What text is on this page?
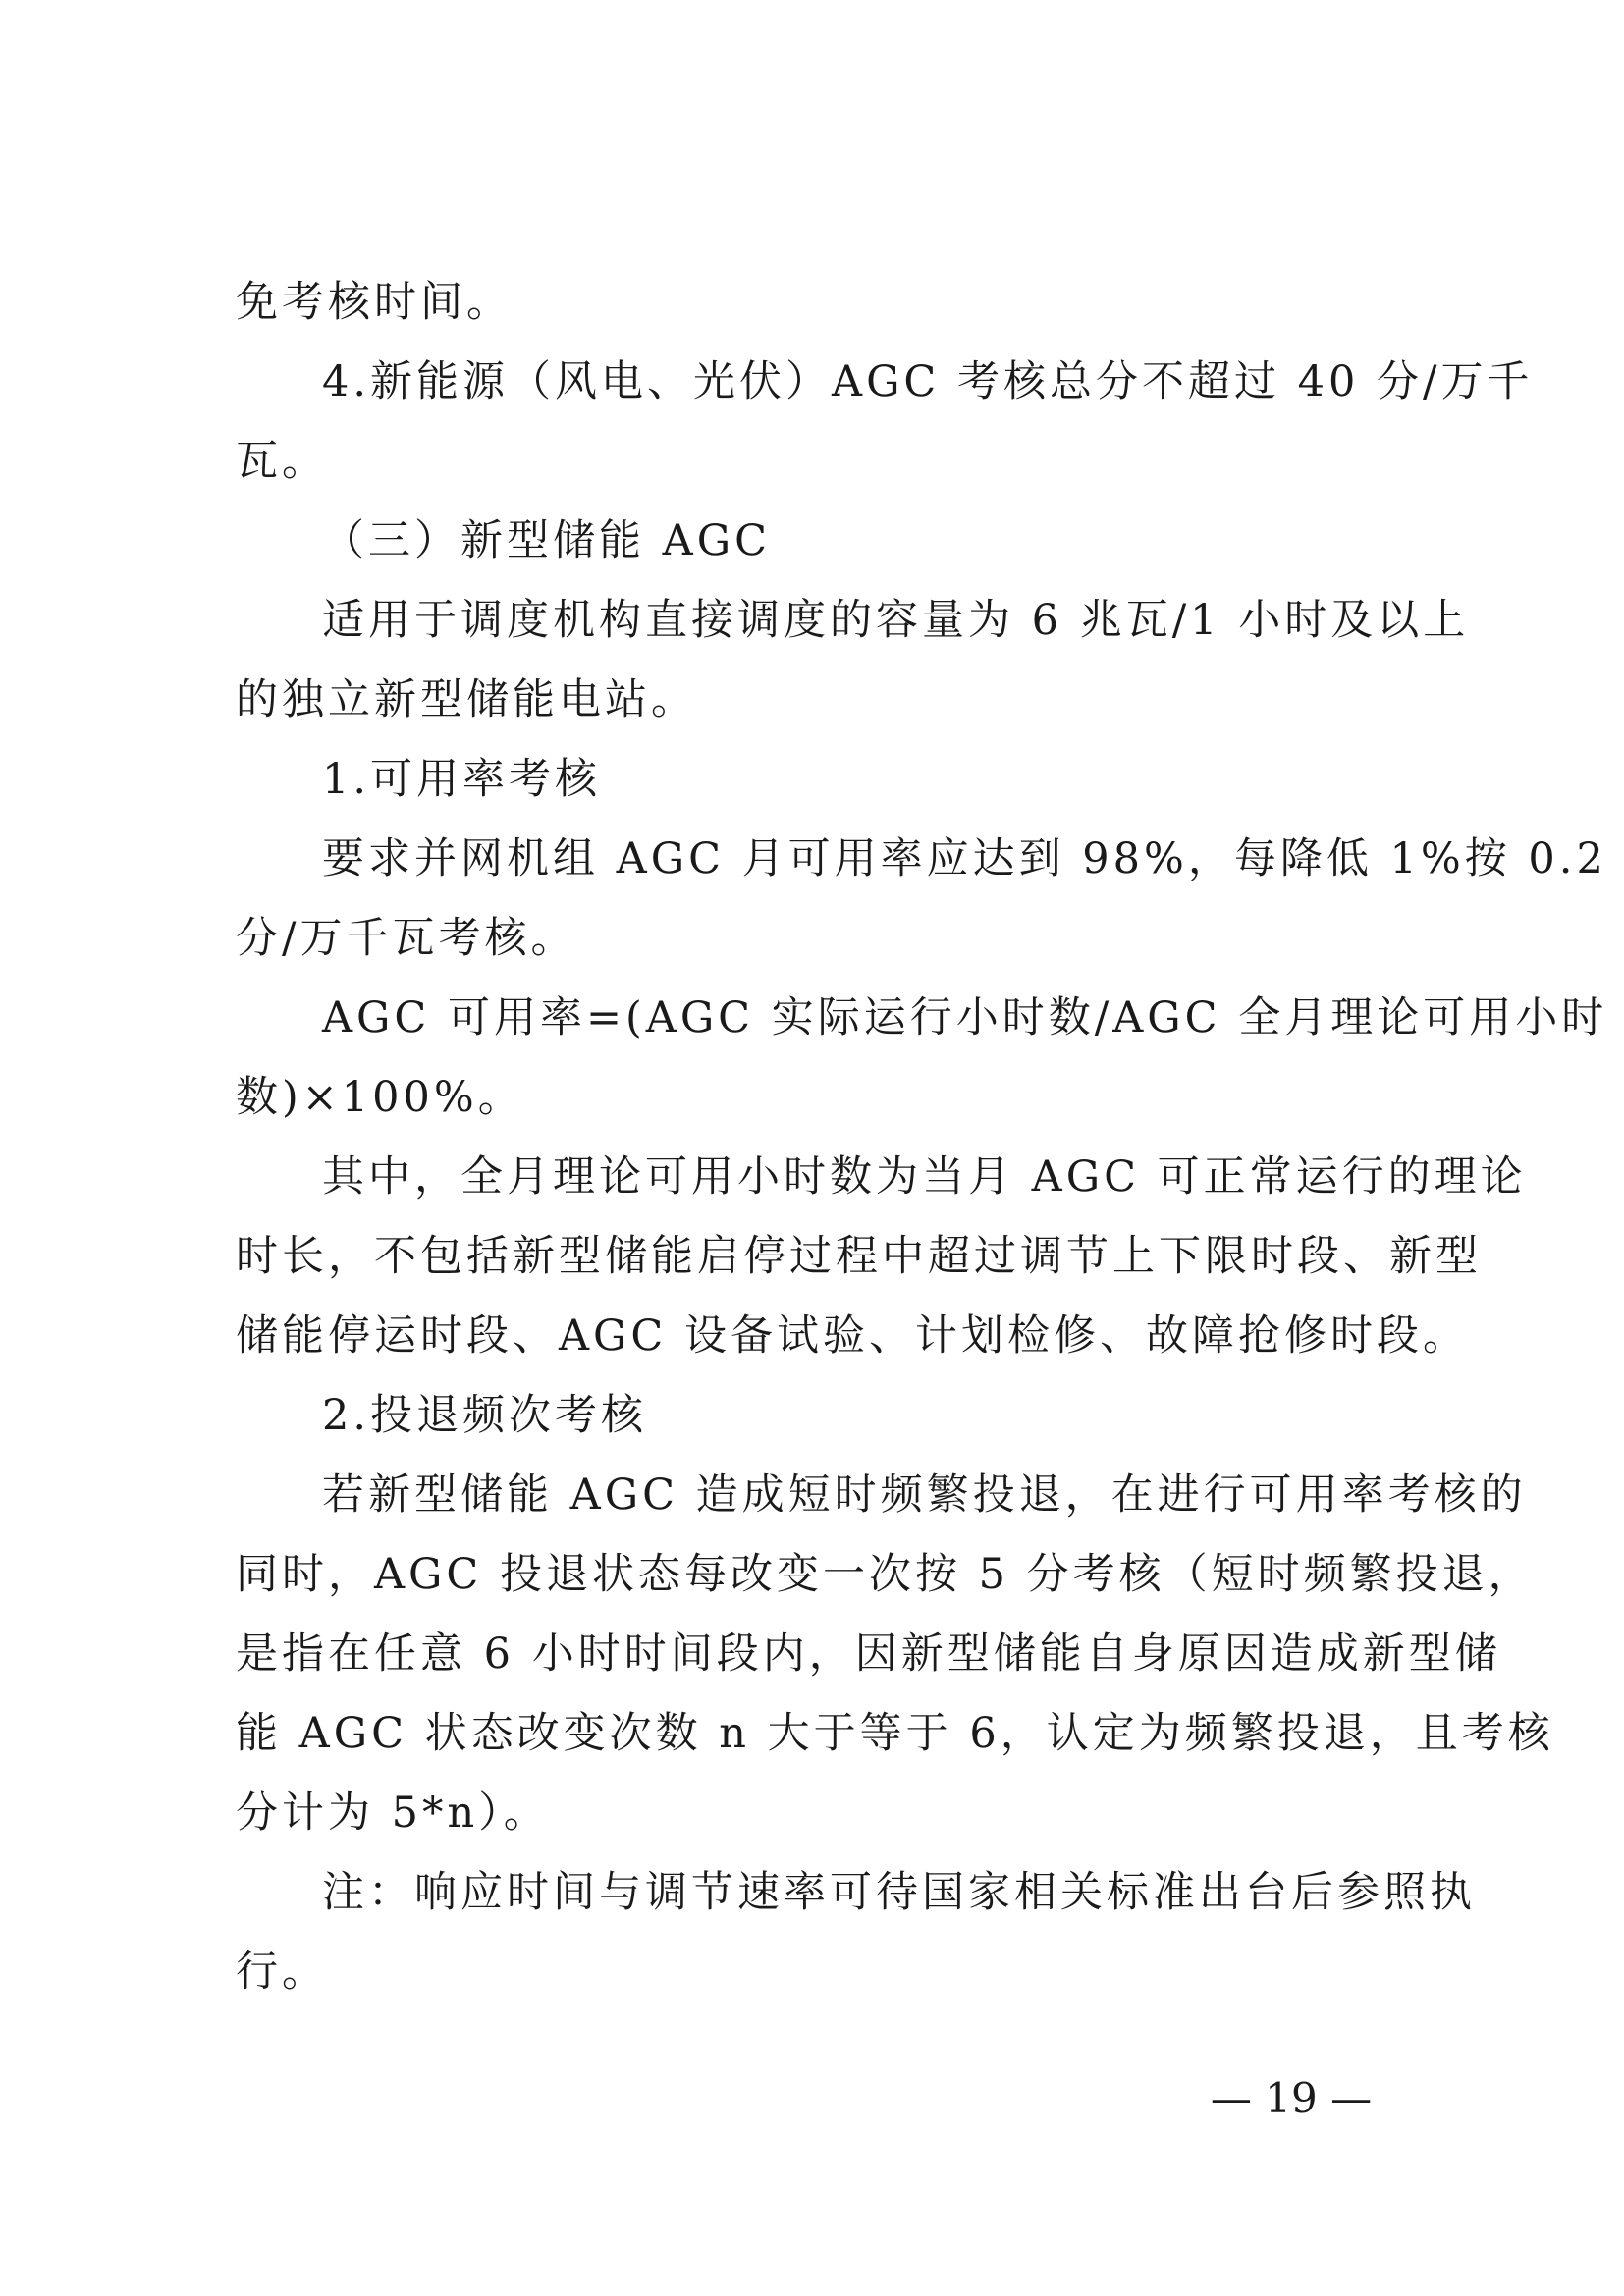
免考核时间。
4.新能源（风电、光伏）AGC 考核总分不超过 40 分/万千
瓦。
（三）新型储能 AGC
适用于调度机构直接调度的容量为 6 兆瓦/1 小时及以上
的独立新型储能电站。
1.可用率考核
要求并网机组 AGC 月可用率应达到 98%，每降低 1%按 0.2
分/万千瓦考核。
AGC 可用率=(AGC 实际运行小时数/AGC 全月理论可用小时
数)×100%。
其中，全月理论可用小时数为当月 AGC 可正常运行的理论
时长，不包括新型储能启停过程中超过调节上下限时段、新型
储能停运时段、AGC 设备试验、计划检修、故障抢修时段。
2.投退频次考核
若新型储能 AGC 造成短时频繁投退，在进行可用率考核的
同时，AGC 投退状态每改变一次按 5 分考核（短时频繁投退，
是指在任意 6 小时时间段内，因新型储能自身原因造成新型储
能 AGC 状态改变次数 n 大于等于 6，认定为频繁投退，且考核
分计为 5*n）。
注：响应时间与调节速率可待国家相关标准出台后参照执
行。
— 19 —
